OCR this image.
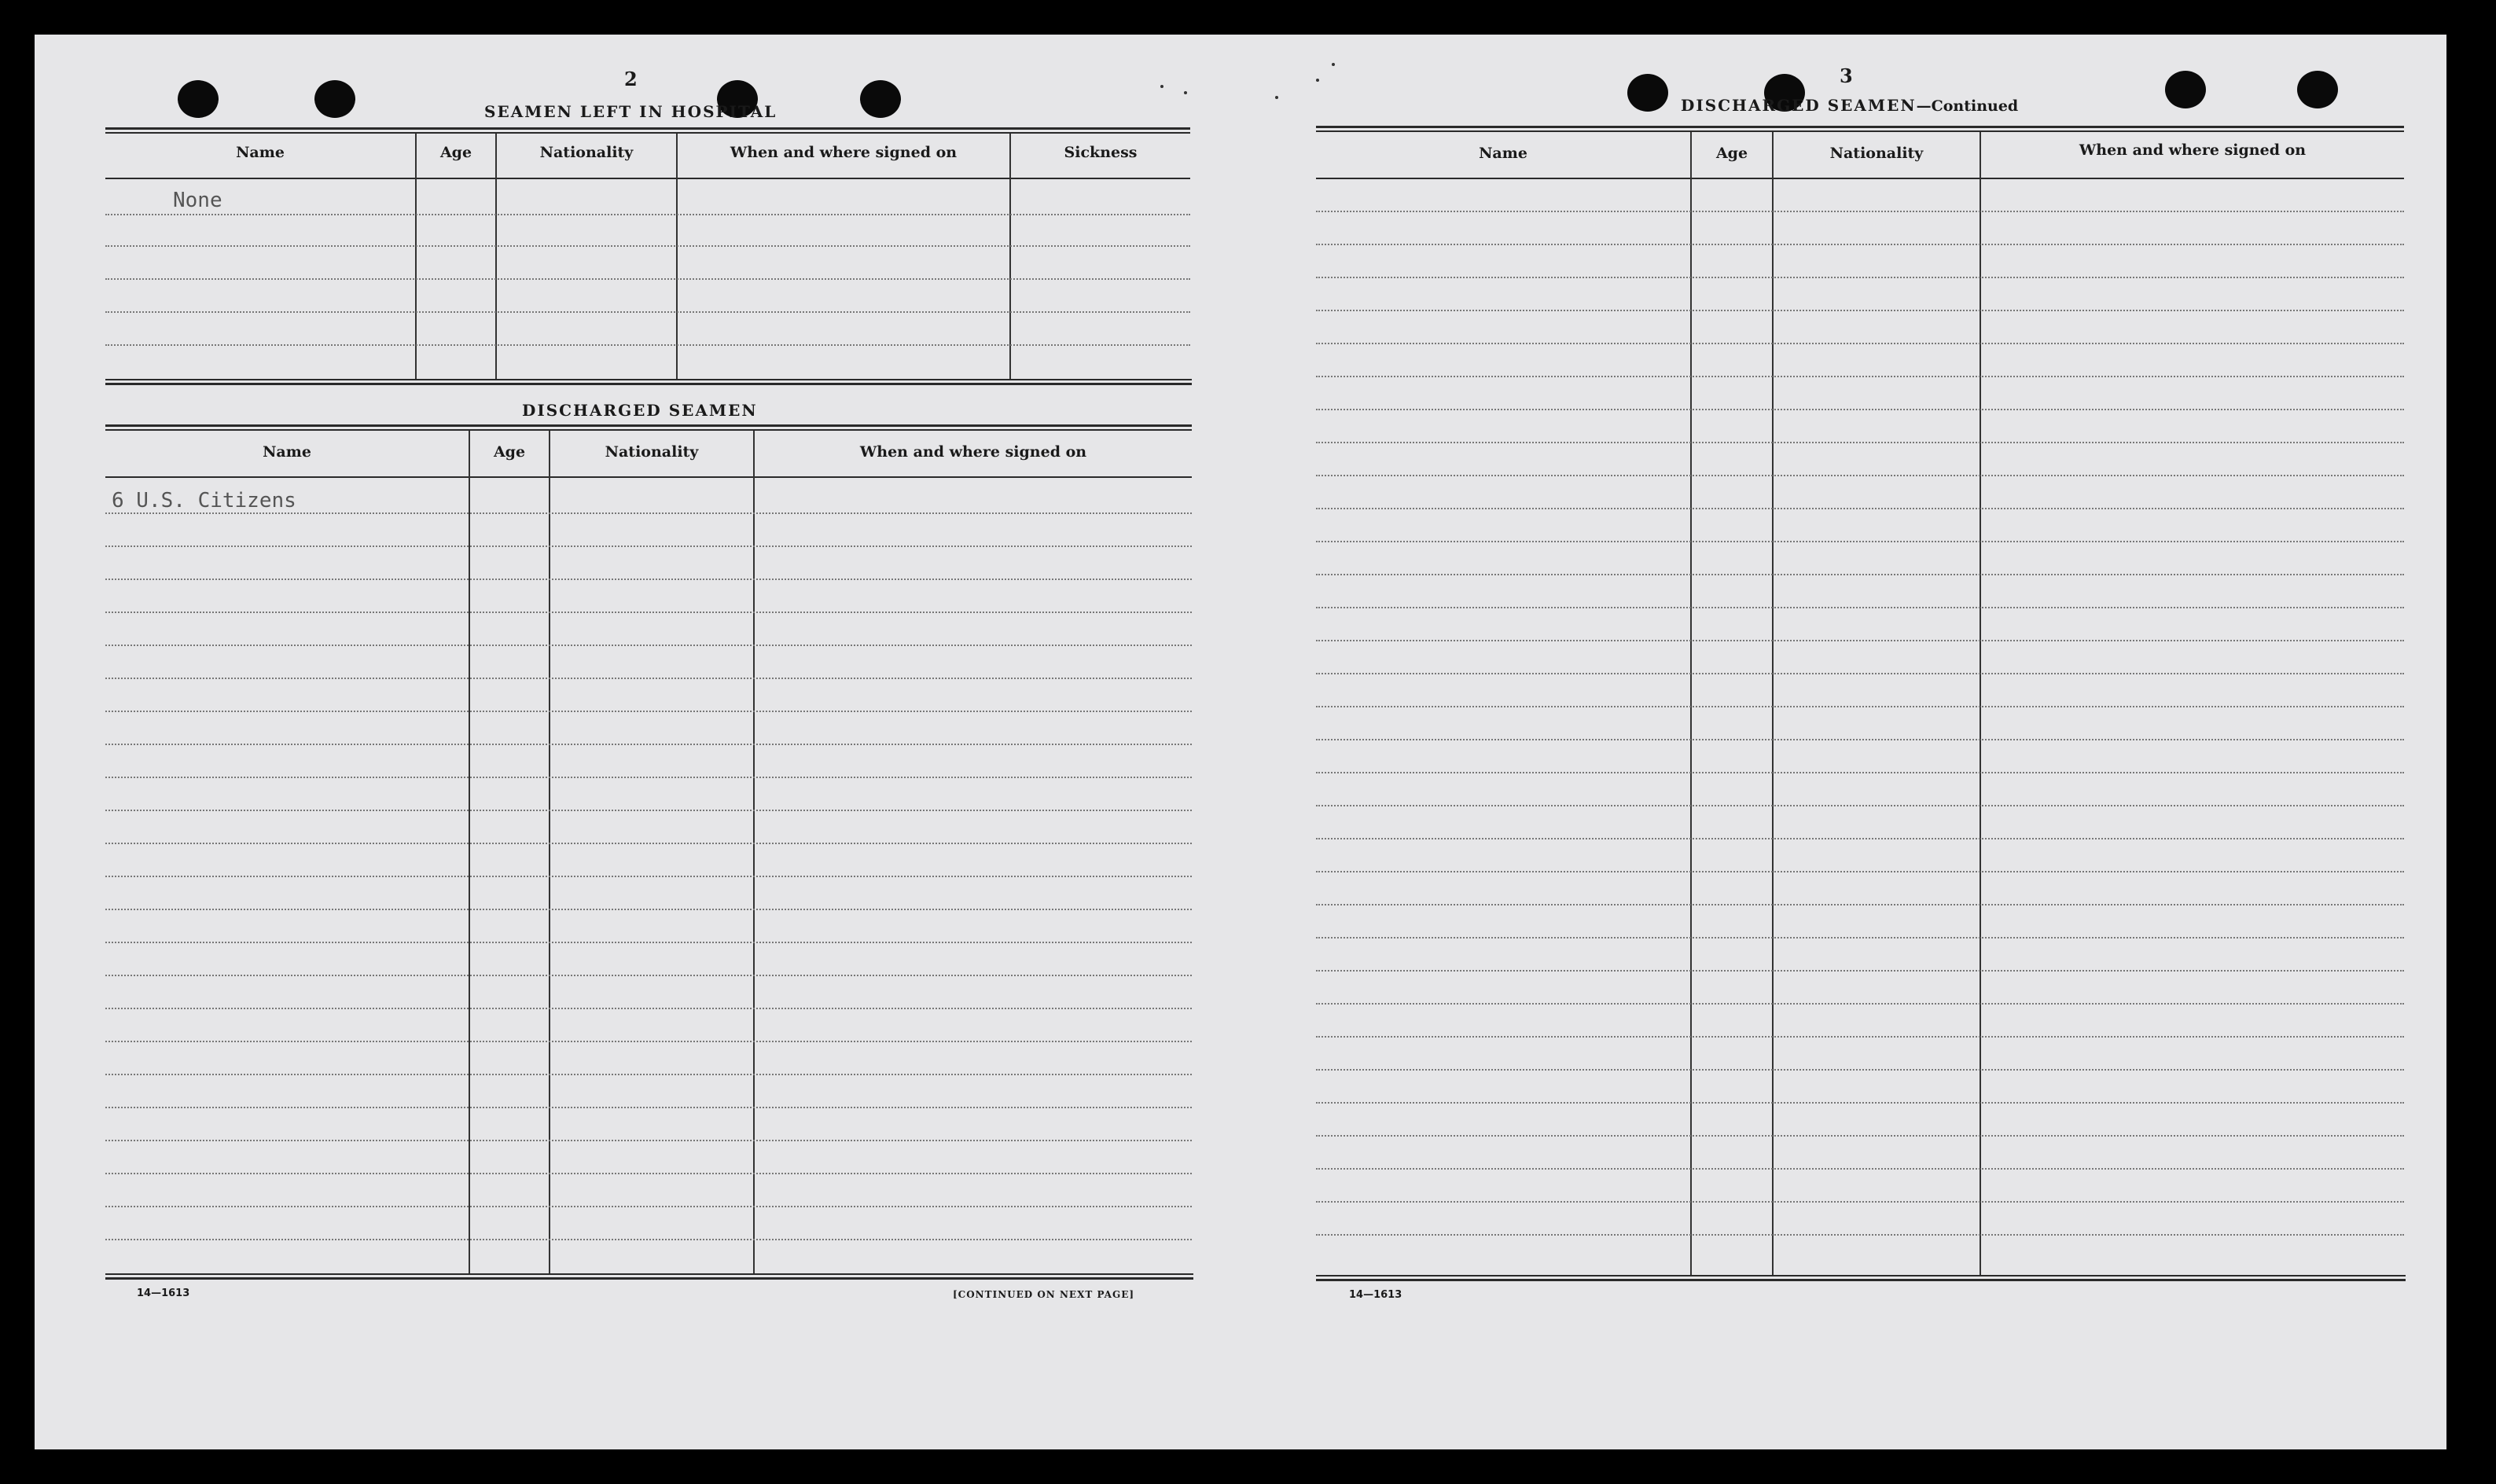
2
SEAMEN LEFT IN HOSPITAL
Name	Age	Nationality	When and where signed on	Sickness
None
DISCHARGED SEAMEN
Name	Age	Nationality	When and where signed on
6 U.S. Citizens
14—1613	[CONTINUED ON NEXT PAGE]
3
DISCHARGED SEAMEN—Continued
Name	Age	Nationality	When and where signed on
14—1613
